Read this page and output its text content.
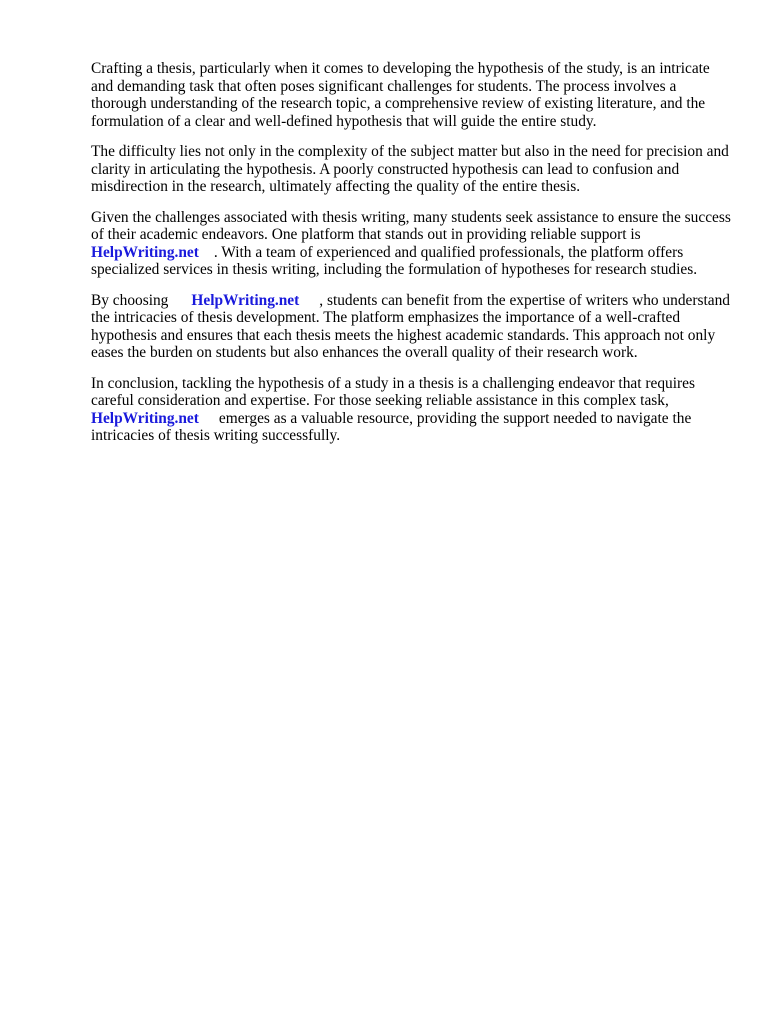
Crafting a thesis, particularly when it comes to developing the hypothesis of the study, is an intricate and demanding task that often poses significant challenges for students. The process involves a thorough understanding of the research topic, a comprehensive review of existing literature, and the formulation of a clear and well-defined hypothesis that will guide the entire study.

The difficulty lies not only in the complexity of the subject matter but also in the need for precision and clarity in articulating the hypothesis. A poorly constructed hypothesis can lead to confusion and misdirection in the research, ultimately affecting the quality of the entire thesis.

Given the challenges associated with thesis writing, many students seek assistance to ensure the success of their academic endeavors. One platform that stands out in providing reliable support is HelpWriting.net . With a team of experienced and qualified professionals, the platform offers specialized services in thesis writing, including the formulation of hypotheses for research studies.

By choosing HelpWriting.net , students can benefit from the expertise of writers who understand the intricacies of thesis development. The platform emphasizes the importance of a well-crafted hypothesis and ensures that each thesis meets the highest academic standards. This approach not only eases the burden on students but also enhances the overall quality of their research work.

In conclusion, tackling the hypothesis of a study in a thesis is a challenging endeavor that requires careful consideration and expertise. For those seeking reliable assistance in this complex task, HelpWriting.net emerges as a valuable resource, providing the support needed to navigate the intricacies of thesis writing successfully.
